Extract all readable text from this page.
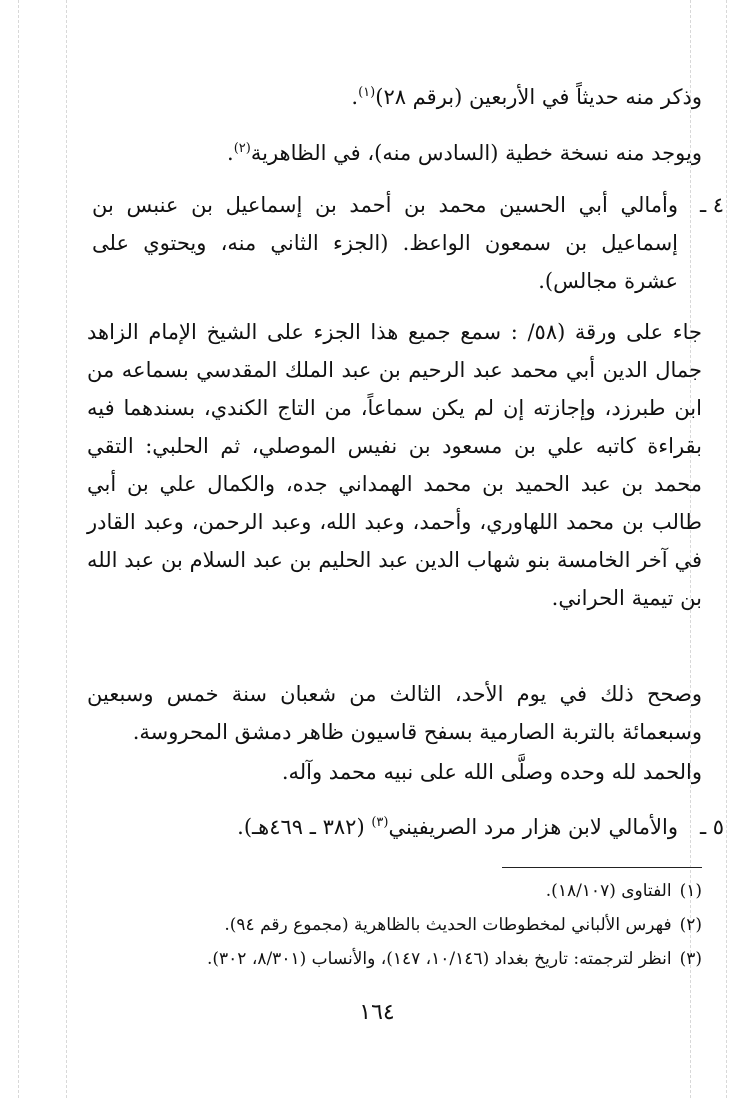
وذكر منه حديثاً في الأربعين (برقم ٢٨)$^{(١)}$.
ويوجد منه نسخة خطية (السادس منه)، في الظاهرية$^{(٢)}$.
٤ ـ
وأمالي أبي الحسين محمد بن أحمد بن إسماعيل بن عنبس بن إسماعيل بن سمعون الواعظ. (الجزء الثاني منه، ويحتوي على عشرة مجالس).
جاء على ورقة (٥٨/ : سمع جميع هذا الجزء على الشيخ الإمام الزاهد جمال الدين أبي محمد عبد الرحيم بن عبد الملك المقدسي بسماعه من ابن طبرزد، وإجازته إن لم يكن سماعاً، من التاج الكندي، بسندهما فيه بقراءة كاتبه علي بن مسعود بن نفيس الموصلي، ثم الحلبي: التقي محمد بن عبد الحميد بن محمد الهمداني جده، والكمال علي بن أبي طالب بن محمد اللهاوري، وأحمد، وعبد الله، وعبد الرحمن، وعبد القادر في آخر الخامسة بنو شهاب الدين عبد الحليم بن عبد السلام بن عبد الله بن تيمية الحراني.
وصحح ذلك في يوم الأحد، الثالث من شعبان سنة خمس وسبعين وسبعمائة بالتربة الصارمية بسفح قاسيون ظاهر دمشق المحروسة.
والحمد لله وحده وصلَّى الله على نبيه محمد وآله.
٥ ـ
والأمالي لابن هزار مرد الصريفيني$^{(٣)}$ (٣٨٢ ـ ٤٦٩هـ).
(١)الفتاوى (١٨/١٠٧).
(٢)فهرس الألباني لمخطوطات الحديث بالظاهرية (مجموع رقم ٩٤).
(٣)انظر لترجمته: تاريخ بغداد (١٠/١٤٦، ١٤٧)، والأنساب (٨/٣٠١، ٣٠٢).
١٦٤
